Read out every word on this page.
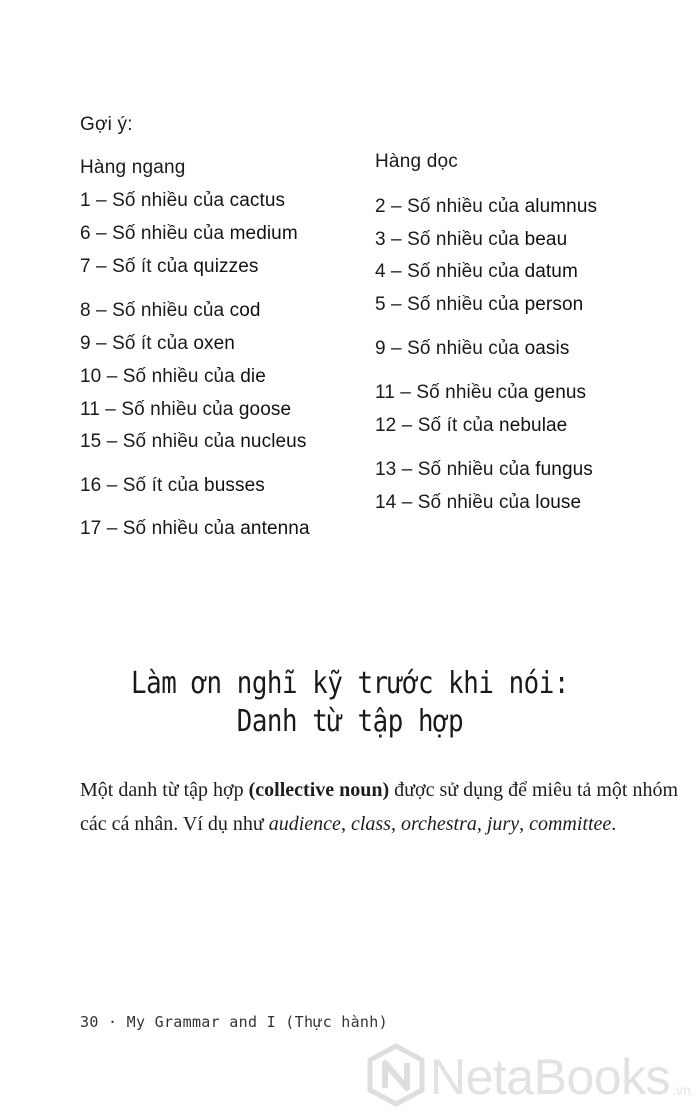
Gợi ý:
Hàng ngang
1 – Số nhiều của cactus
6 – Số nhiều của medium
7 – Số ít của quizzes
8 – Số nhiều của cod
9 – Số ít của oxen
10 – Số nhiều của die
11 – Số nhiều của goose
15 – Số nhiều của nucleus
16 – Số ít của busses
17 – Số nhiều của antenna
Hàng dọc
2 – Số nhiều của alumnus
3 – Số nhiều của beau
4 – Số nhiều của datum
5 – Số nhiều của person
9 – Số nhiều của oasis
11 – Số nhiều của genus
12 – Số ít của nebulae
13 – Số nhiều của fungus
14 – Số nhiều của louse
Làm ơn nghĩ kỹ trước khi nói:
Danh từ tập hợp
Một danh từ tập hợp (collective noun) được sử dụng để miêu tả một nhóm các cá nhân. Ví dụ như audience, class, orchestra, jury, committee.
30 · My Grammar and I (Thực hành)
NetaBooks .vn
